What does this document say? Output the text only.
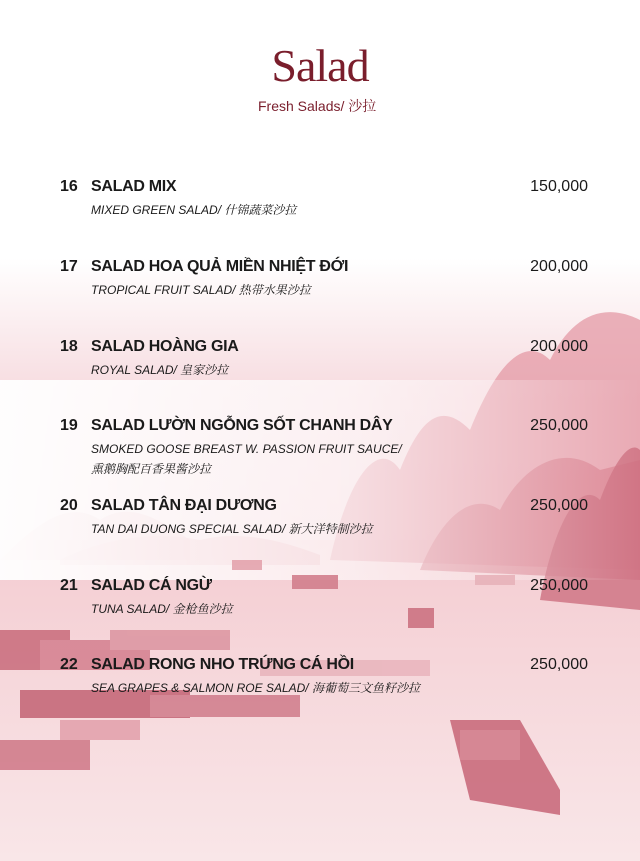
Salad
Fresh Salads/ 沙拉
16 SALAD MIX
MIXED GREEN SALAD/ 什锦蔬菜沙拉
150,000
17 SALAD HOA QUẢ MIỀN NHIỆT ĐỚI
TROPICAL FRUIT SALAD/ 热带水果沙拉
200,000
18 SALAD HOÀNG GIA
ROYAL SALAD/ 皇家沙拉
200,000
19 SALAD LƯỜN NGỖNG SỐT CHANH DÂY
SMOKED GOOSE BREAST W. PASSION FRUIT SAUCE/
熏鹅胸配百香果酱沙拉
250,000
20 SALAD TÂN ĐẠI DƯƠNG
TAN DAI DUONG SPECIAL SALAD/ 新大洋特制沙拉
250,000
21 SALAD CÁ NGỪ
TUNA SALAD/ 金枪鱼沙拉
250,000
22 SALAD RONG NHO TRỨNG CÁ HỒI
SEA GRAPES & SALMON ROE SALAD/ 海葡萄三文鱼籽沙拉
250,000
